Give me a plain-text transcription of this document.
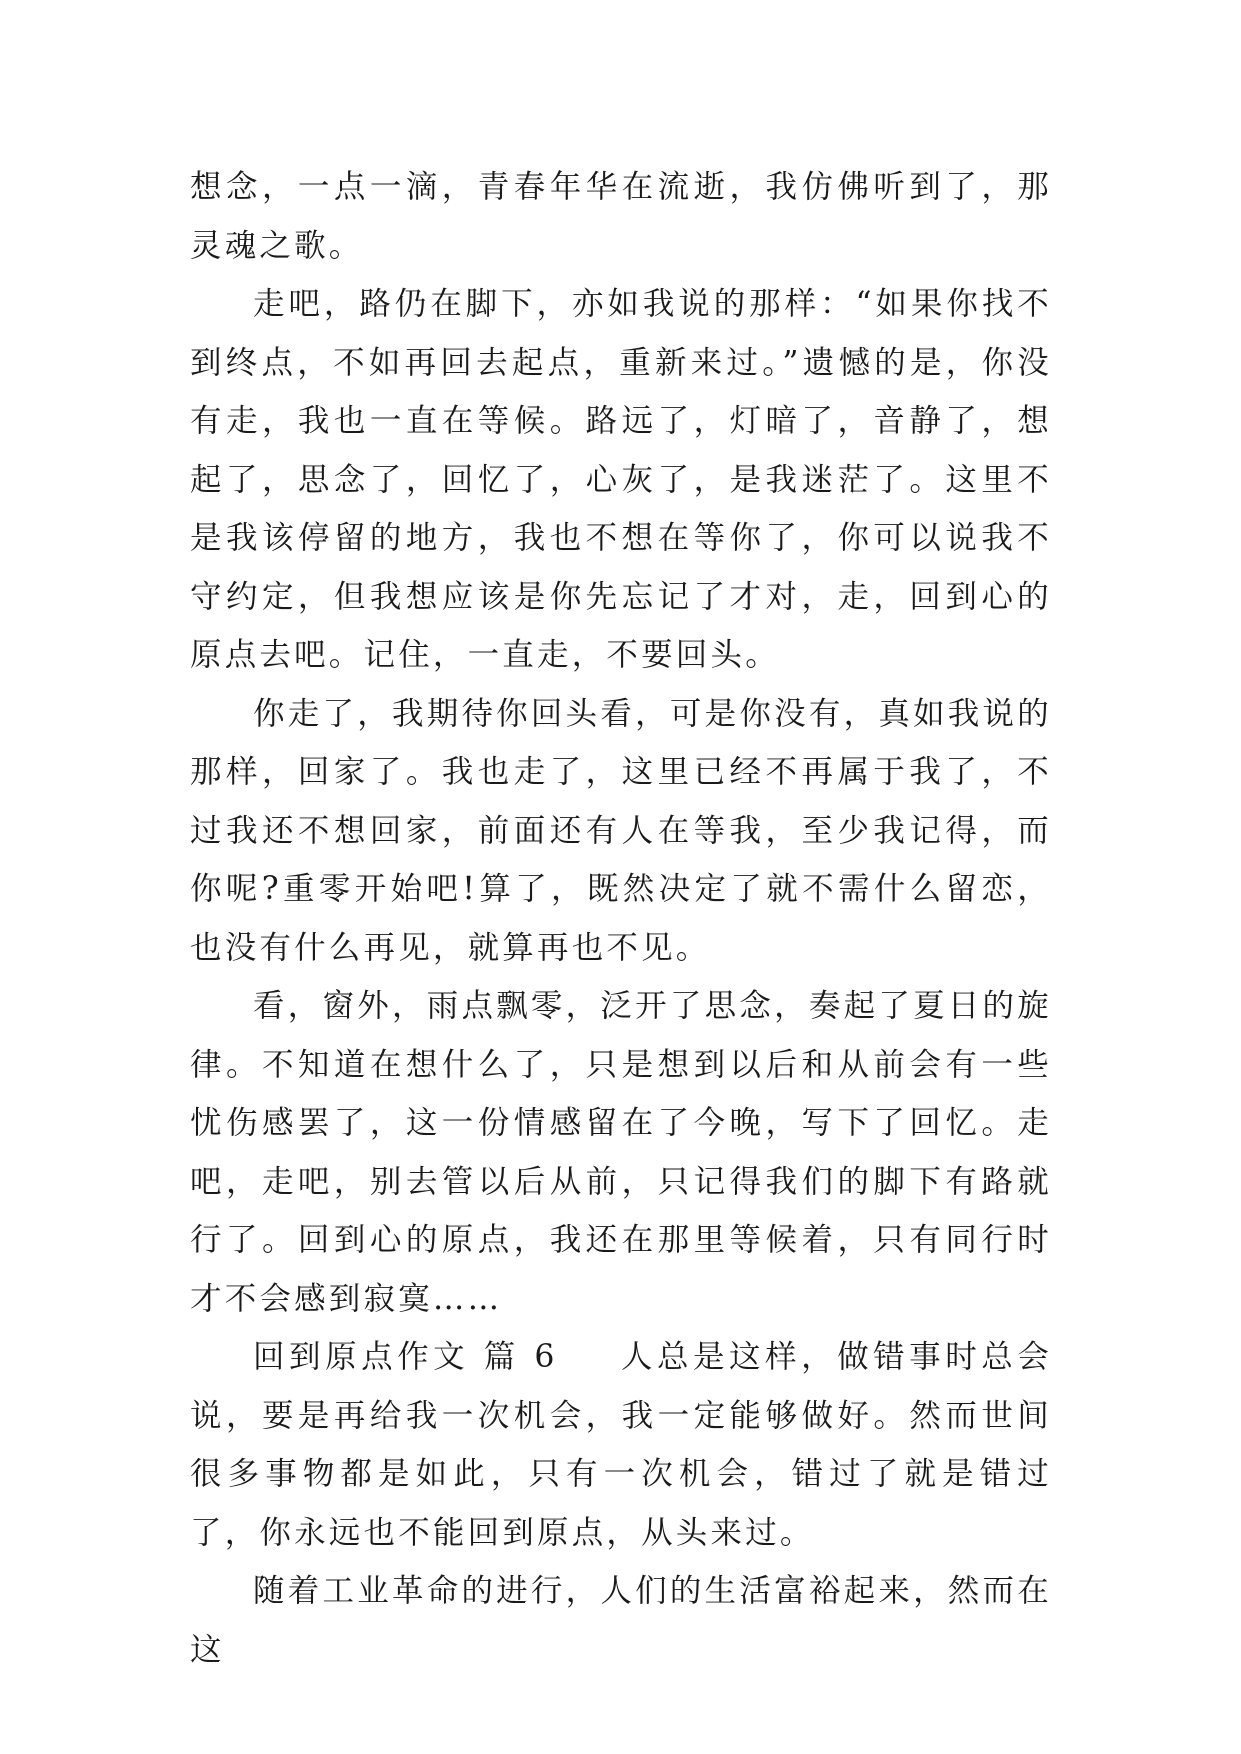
想念，一点一滴，青春年华在流逝，我仿佛听到了，那灵魂之歌。

走吧，路仍在脚下，亦如我说的那样：“如果你找不到终点，不如再回去起点，重新来过。”遗憾的是，你没有走，我也一直在等候。路远了，灯暗了，音静了，想起了，思念了，回忆了，心灰了，是我迷茫了。这里不是我该停留的地方，我也不想在等你了，你可以说我不守约定，但我想应该是你先忘记了才对，走，回到心的原点去吧。记住，一直走，不要回头。

你走了，我期待你回头看，可是你没有，真如我说的那样，回家了。我也走了，这里已经不再属于我了，不过我还不想回家，前面还有人在等我，至少我记得，而你呢?重零开始吧!算了，既然决定了就不需什么留恋，也没有什么再见，就算再也不见。

看，窗外，雨点飘零，泛开了思念，奏起了夏日的旋律。不知道在想什么了，只是想到以后和从前会有一些忧伤感罢了，这一份情感留在了今晚，写下了回忆。走吧，走吧，别去管以后从前，只记得我们的脚下有路就行了。回到心的原点，我还在那里等候着，只有同行时才不会感到寂寞……

回到原点作文 篇 6 人总是这样，做错事时总会说，要是再给我一次机会，我一定能够做好。然而世间很多事物都是如此，只有一次机会，错过了就是错过了，你永远也不能回到原点，从头来过。

随着工业革命的进行，人们的生活富裕起来，然而在这
